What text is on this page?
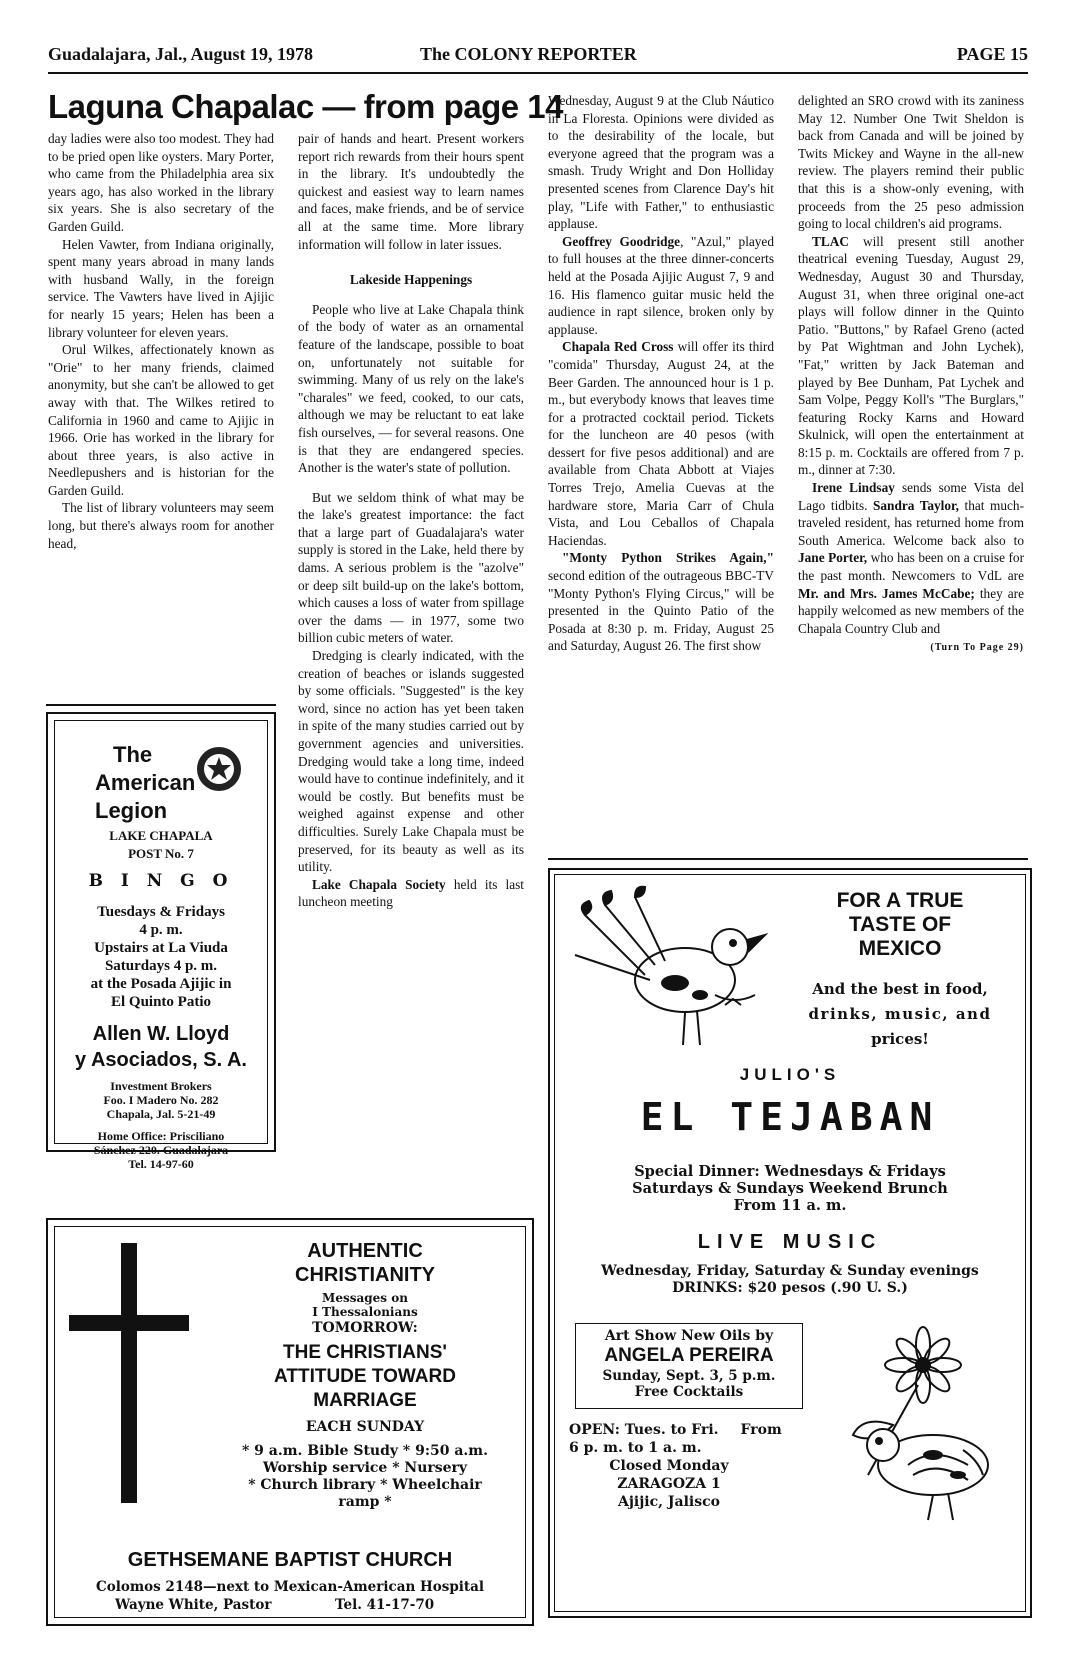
Guadalajara, Jal., August 19, 1978	The COLONY REPORTER	PAGE 15
Laguna Chapalac — from page 14

day ladies were also too modest. They had to be pried open like oysters. Mary Porter, who came from the Philadelphia area six years ago, has also worked in the library six years. She is also secretary of the Garden Guild.

Helen Vawter, from Indiana originally, spent many years abroad in many lands with husband Wally, in the foreign service. The Vawters have lived in Ajijic for nearly 15 years; Helen has been a library volunteer for eleven years.

Orul Wilkes, affectionately known as "Orie" to her many friends, claimed anonymity, but she can't be allowed to get away with that. The Wilkes retired to California in 1960 and came to Ajijic in 1966. Orie has worked in the library for about three years, is also active in Needlepushers and is historian for the Garden Guild.

The list of library volunteers may seem long, but there's always room for another head,

pair of hands and heart. Present workers report rich rewards from their hours spent in the library. It's undoubtedly the quickest and easiest way to learn names and faces, make friends, and be of service all at the same time. More library information will follow in later issues.

Lakeside Happenings

People who live at Lake Chapala think of the body of water as an ornamental feature of the landscape, possible to boat on, unfortunately not suitable for swimming. Many of us rely on the lake's "charales" we feed, cooked, to our cats, although we may be reluctant to eat lake fish ourselves, — for several reasons. One is that they are endangered species. Another is the water's state of pollution.

But we seldom think of what may be the lake's greatest importance: the fact that a large part of Guadalajara's water supply is stored in the Lake, held there by dams. A serious problem is the "azolve" or deep silt build-up on the lake's bottom, which causes a loss of water from spillage over the dams — in 1977, some two billion cubic meters of water.

Dredging is clearly indicated, with the creation of beaches or islands suggested by some officials. "Suggested" is the key word, since no action has yet been taken in spite of the many studies carried out by government agencies and universities. Dredging would take a long time, indeed would have to continue indefinitely, and it would be costly. But benefits must be weighed against expense and other difficulties. Surely Lake Chapala must be preserved, for its beauty as well as its utility.

Lake Chapala Society held its last luncheon meeting

Wednesday, August 9 at the Club Náutico in La Floresta. Opinions were divided as to the desirability of the locale, but everyone agreed that the program was a smash. Trudy Wright and Don Holliday presented scenes from Clarence Day's hit play, "Life with Father," to enthusiastic applause.

Geoffrey Goodridge, "Azul," played to full houses at the three dinner-concerts held at the Posada Ajijic August 7, 9 and 16. His flamenco guitar music held the audience in rapt silence, broken only by applause.

Chapala Red Cross will offer its third "comida" Thursday, August 24, at the Beer Garden. The announced hour is 1 p. m., but everybody knows that leaves time for a protracted cocktail period. Tickets for the luncheon are 40 pesos (with dessert for five pesos additional) and are available from Chata Abbott at Viajes Torres Trejo, Amelia Cuevas at the hardware store, Maria Carr of Chula Vista, and Lou Ceballos of Chapala Haciendas.

"Monty Python Strikes Again," second edition of the outrageous BBC-TV "Monty Python's Flying Circus," will be presented in the Quinto Patio of the Posada at 8:30 p. m. Friday, August 25 and Saturday, August 26. The first show

delighted an SRO crowd with its zaniness May 12. Number One Twit Sheldon is back from Canada and will be joined by Twits Mickey and Wayne in the all-new review. The players remind their public that this is a show-only evening, with proceeds from the 25 peso admission going to local children's aid programs.

TLAC will present still another theatrical evening Tuesday, August 29, Wednesday, August 30 and Thursday, August 31, when three original one-act plays will follow dinner in the Quinto Patio. "Buttons," by Rafael Greno (acted by Pat Wightman and John Lychek), "Fat," written by Jack Bateman and played by Bee Dunham, Pat Lychek and Sam Volpe, Peggy Koll's "The Burglars," featuring Rocky Karns and Howard Skulnick, will open the entertainment at 8:15 p. m. Cocktails are offered from 7 p. m., dinner at 7:30.

Irene Lindsay sends some Vista del Lago tidbits. Sandra Taylor, that much-traveled resident, has returned home from South America. Welcome back also to Jane Porter, who has been on a cruise for the past month. Newcomers to VdL are Mr. and Mrs. James McCabe; they are happily welcomed as new members of the Chapala Country Club and

(Turn To Page 29)
The
American
Legion
LAKE CHAPALA
POST No. 7
B I N G O
Tuesdays & Fridays
4 p. m.
Upstairs at La Viuda
Saturdays 4 p. m.
at the Posada Ajijic in
El Quinto Patio
Allen W. Lloyd
y Asociados, S. A.
Investment Brokers
Foo. I Madero No. 282
Chapala, Jal. 5-21-49
Home Office: Prisciliano
Sánchez 220. Guadalajara
Tel. 14-97-60
AUTHENTIC
CHRISTIANITY
Messages on
I Thessalonians
TOMORROW:
THE CHRISTIANS'
ATTITUDE TOWARD
MARRIAGE
EACH SUNDAY
* 9 a.m. Bible Study * 9:50 a.m.
Worship service * Nursery
* Church library * Wheelchair
ramp *
GETHSEMANE BAPTIST CHURCH
Colomos 2148—next to Mexican-American Hospital
Wayne White, Pastor	Tel. 41-17-70
FOR A TRUE
TASTE OF
MEXICO
And the best in food,
drinks, music, and
prices!
JULIO'S
EL TEJABAN
Special Dinner: Wednesdays & Fridays
Saturdays & Sundays Weekend Brunch
From 11 a. m.
LIVE MUSIC
Wednesday, Friday, Saturday & Sunday evenings
DRINKS: $20 pesos (.90 U. S.)
Art Show New Oils by
ANGELA PEREIRA
Sunday, Sept. 3, 5 p.m.
Free Cocktails
OPEN: Tues. to Fri. From
6 p. m. to 1 a. m.
Closed Monday
ZARAGOZA 1
Ajijic, Jalisco
